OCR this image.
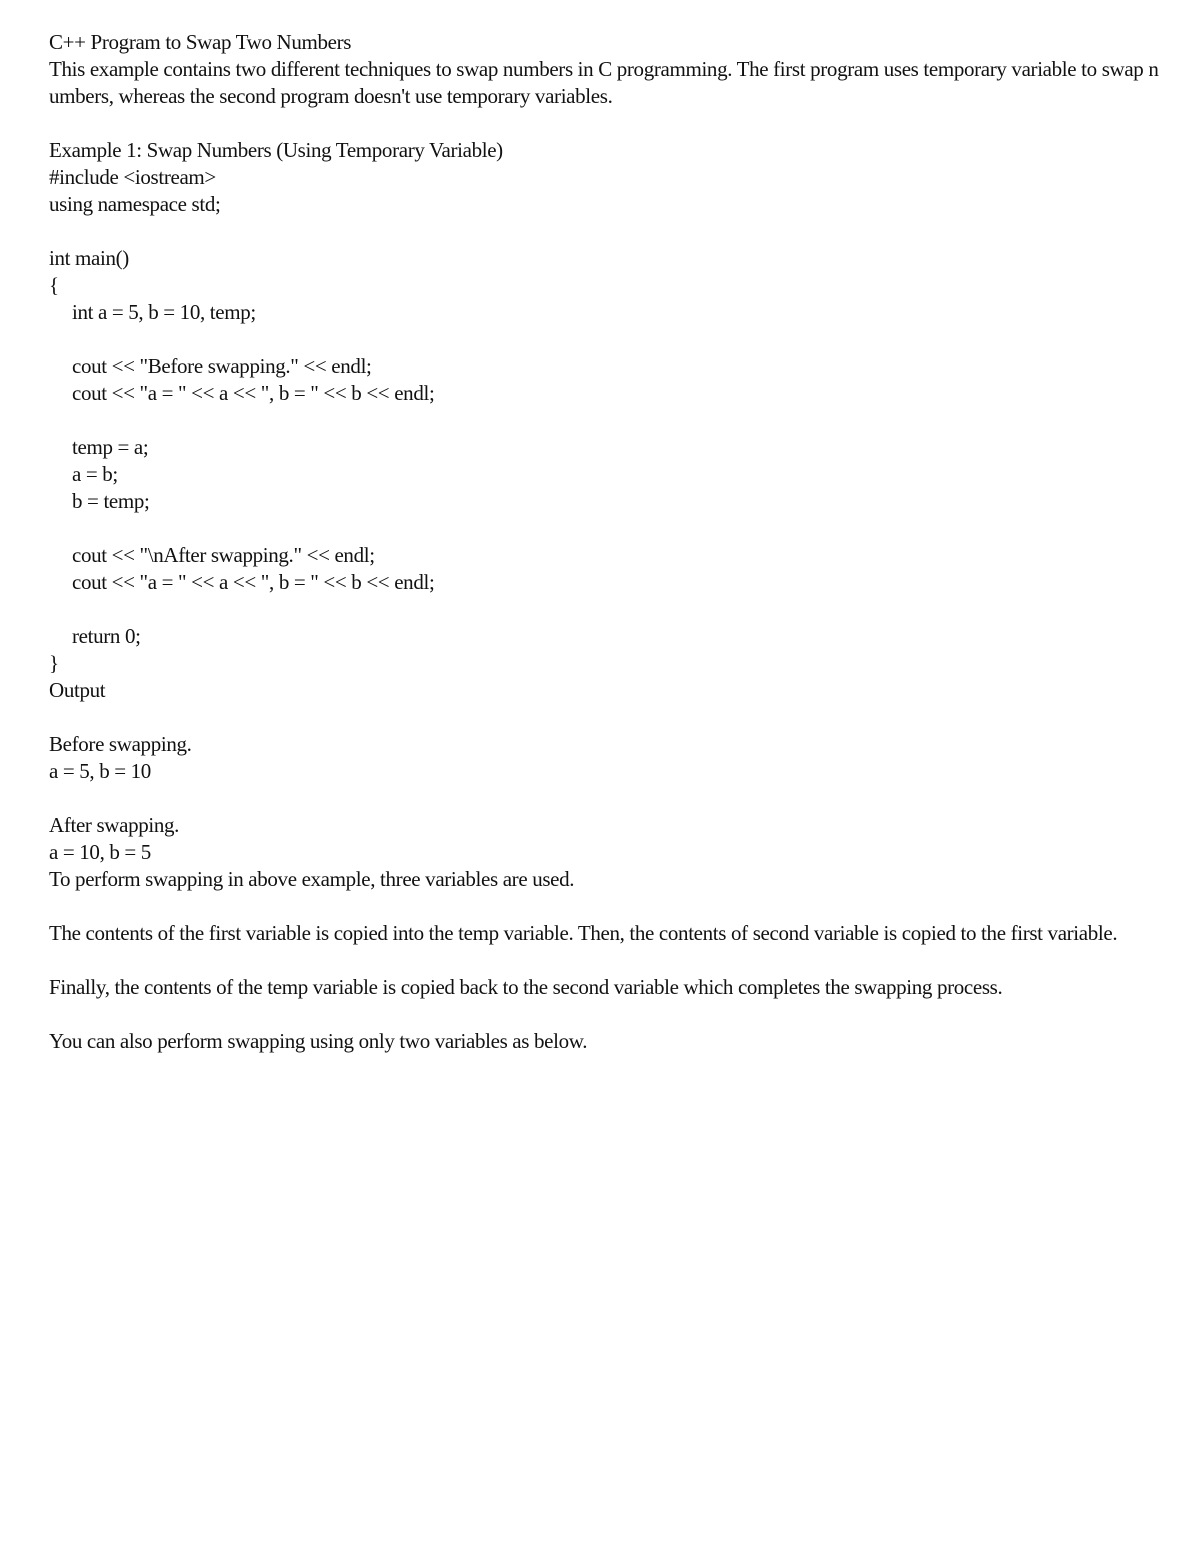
C++ Program to Swap Two Numbers
This example contains two different techniques to swap numbers in C programming. The first program uses temporary variable to swap numbers, whereas the second program doesn't use temporary variables.
Example 1: Swap Numbers (Using Temporary Variable)
#include <iostream>
using namespace std;
int main()
{
int a = 5, b = 10, temp;
cout << "Before swapping." << endl;
cout << "a = " << a << ", b = " << b << endl;
temp = a;
a = b;
b = temp;
cout << "\nAfter swapping." << endl;
cout << "a = " << a << ", b = " << b << endl;
return 0;
}
Output
Before swapping.
a = 5, b = 10
After swapping.
a = 10, b = 5
To perform swapping in above example, three variables are used.
The contents of the first variable is copied into the temp variable. Then, the contents of second variable is copied to the first variable.
Finally, the contents of the temp variable is copied back to the second variable which completes the swapping process.
You can also perform swapping using only two variables as below.
